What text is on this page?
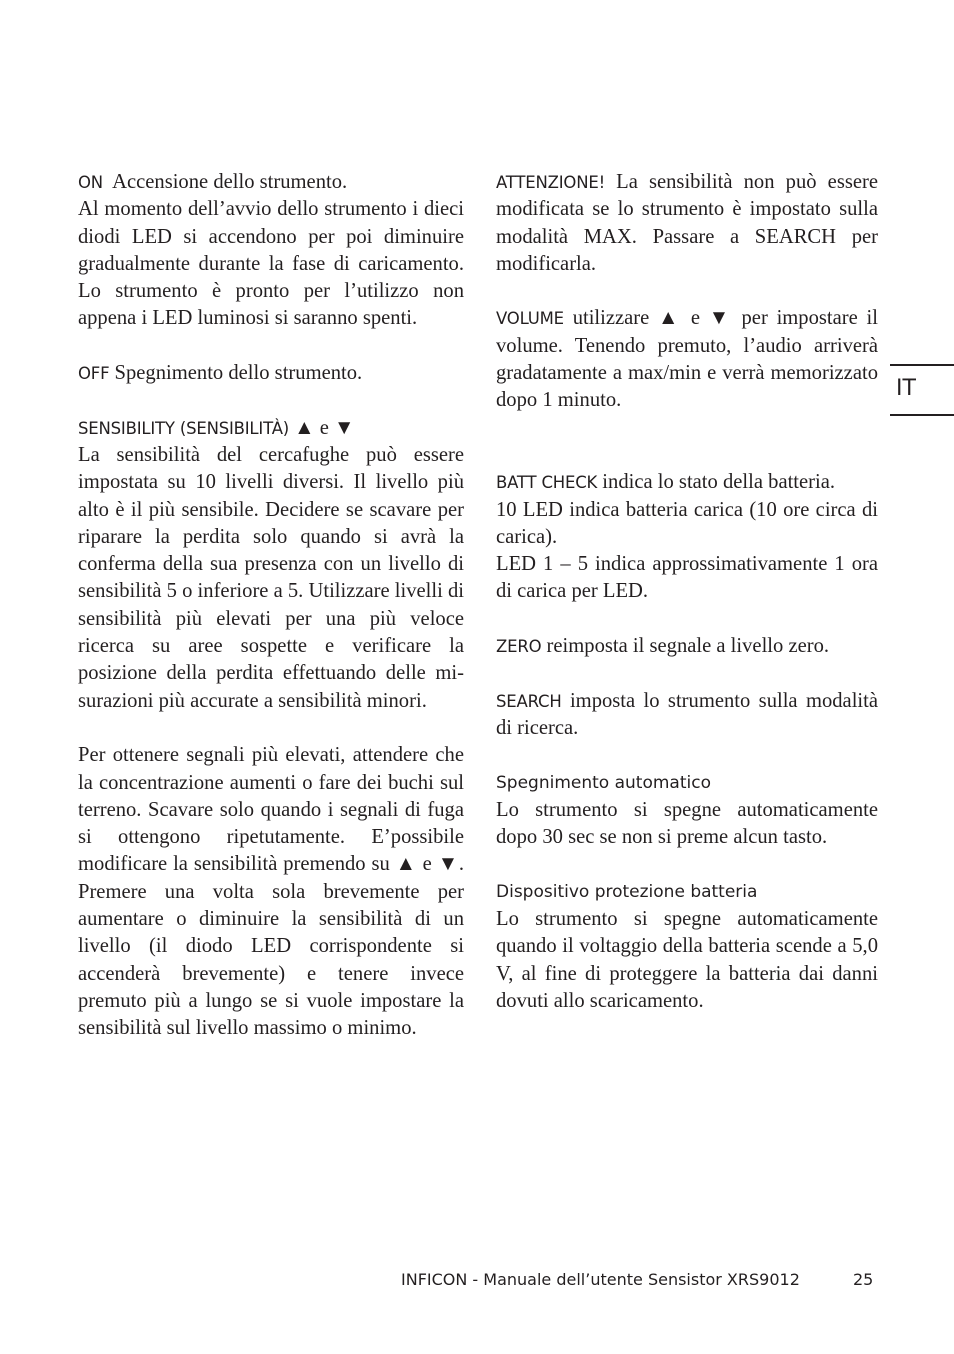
ON Accensione dello strumento.
Al momento dell’avvio dello strumento i dieci diodi LED si accendono per poi diminuire gradualmente durante la fase di caricamento. Lo strumento è pronto per l’utilizzo non appena i LED luminosi si saranno spenti.

OFF Spegnimento dello strumento.

SENSIBILITY (SENSIBILITÀ) ▲ e ▼
La sensibilità del cercafughe può essere impostata su 10 livelli diversi. Il livello più alto è il più sensibile. Decidere se scavare per riparare la perdita solo quando si avrà la conferma della sua presenza con un livello di sensibilità 5 o inferiore a 5. Utilizzare livelli di sensibilità più elevati per una più veloce ricerca su aree sospette e verificare la posizione della perdita effettuando delle misurazioni più accurate a sensibilità minori.

Per ottenere segnali più elevati, attendere che la concentrazione aumenti o fare dei buchi sul terreno. Scavare solo quando i segnali di fuga si ottengono ripetutamente. E’possibile modificare la sensibilità premendo su ▲ e ▼. Premere una volta sola brevemente per aumentare o diminuire la sensibilità di un livello (il diodo LED corrispondente si accenderà brevemente) e tenere invece premuto più a lungo se si vuole impostare la sensibilità sul livello massimo o minimo.

ATTENZIONE! La sensibilità non può essere modificata se lo strumento è impostato sulla modalità MAX. Passare a SEARCH per modificarla.

VOLUME utilizzare ▲ e ▼ per impostare il volume. Tenendo premuto, l’audio arriverà gradatamente a max/min e verrà memorizzato dopo 1 minuto.

BATT CHECK indica lo stato della batteria.
10 LED indica batteria carica (10 ore circa di carica).
LED 1 – 5 indica approssimativamente 1 ora di carica per LED.

ZERO reimposta il segnale a livello zero.

SEARCH imposta lo strumento sulla modalità di ricerca.

Spegnimento automatico
Lo strumento si spegne automaticamente dopo 30 sec se non si preme alcun tasto.

Dispositivo protezione batteria
Lo strumento si spegne automaticamente quando il voltaggio della batteria scende a 5,0 V, al fine di proteggere la batteria dai danni dovuti allo scaricamento.

IT
INFICON - Manuale dell’utente Sensistor XRS9012	25
